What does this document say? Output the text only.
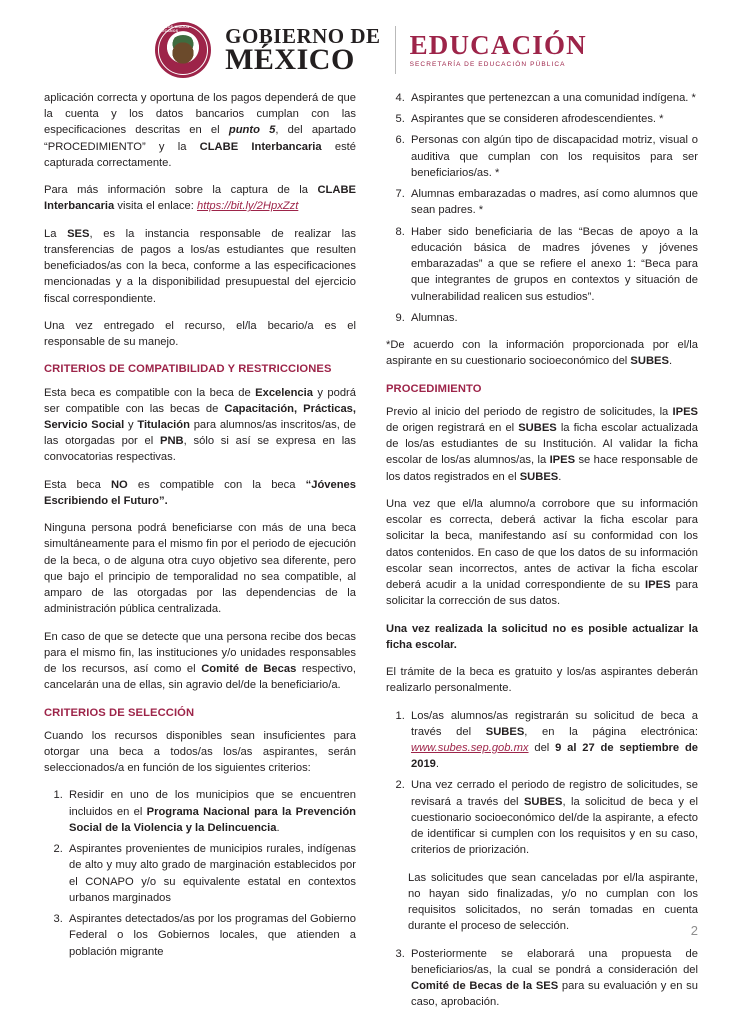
ESTADOS UNIDOS MEXICANOS	GOBIERNO DE
MÉXICO	EDUCACIÓN
SECRETARÍA DE EDUCACIÓN PÚBLICA

aplicación correcta y oportuna de los pagos dependerá de que la cuenta y los datos bancarios cumplan con las especificaciones descritas en el punto 5, del apartado “PROCEDIMIENTO” y la CLABE Interbancaria esté capturada correctamente.

Para más información sobre la captura de la CLABE Interbancaria visita el enlace: https://bit.ly/2HpxZzt

La SES, es la instancia responsable de realizar las transferencias de pagos a los/as estudiantes que resulten beneficiados/as con la beca, conforme a las especificaciones mencionadas y a la disponibilidad presupuestal del ejercicio fiscal correspondiente.

Una vez entregado el recurso, el/la becario/a es el responsable de su manejo.

CRITERIOS DE COMPATIBILIDAD Y RESTRICCIONES

Esta beca es compatible con la beca de Excelencia y podrá ser compatible con las becas de Capacitación, Prácticas, Servicio Social y Titulación para alumnos/as inscritos/as, de las otorgadas por el PNB, sólo si así se expresa en las convocatorias respectivas.

Esta beca NO es compatible con la beca “Jóvenes Escribiendo el Futuro”.

Ninguna persona podrá beneficiarse con más de una beca simultáneamente para el mismo fin por el periodo de ejecución de la beca, o de alguna otra cuyo objetivo sea diferente, pero que bajo el principio de temporalidad no sea compatible, al amparo de las otorgadas por las dependencias de la administración pública centralizada.

En caso de que se detecte que una persona recibe dos becas para el mismo fin, las instituciones y/o unidades responsables de los recursos, así como el Comité de Becas respectivo, cancelarán una de ellas, sin agravio del/de la beneficiario/a.

CRITERIOS DE SELECCIÓN

Cuando los recursos disponibles sean insuficientes para otorgar una beca a todos/as los/as aspirantes, serán seleccionados/a en función de los siguientes criterios:

1. Residir en uno de los municipios que se encuentren incluidos en el Programa Nacional para la Prevención Social de la Violencia y la Delincuencia.
2. Aspirantes provenientes de municipios rurales, indígenas de alto y muy alto grado de marginación establecidos por el CONAPO y/o su equivalente estatal en contextos urbanos marginados
3. Aspirantes detectados/as por los programas del Gobierno Federal o los Gobiernos locales, que atienden a población migrante
4. Aspirantes que pertenezcan a una comunidad indígena. *
5. Aspirantes que se consideren afrodescendientes. *
6. Personas con algún tipo de discapacidad motriz, visual o auditiva que cumplan con los requisitos para ser beneficiarios/as. *
7. Alumnas embarazadas o madres, así como alumnos que sean padres. *
8. Haber sido beneficiaria de las “Becas de apoyo a la educación básica de madres jóvenes y jóvenes embarazadas” a que se refiere el anexo 1: “Beca para que integrantes de grupos en contextos y situación de vulnerabilidad realicen sus estudios”.
9. Alumnas.

*De acuerdo con la información proporcionada por el/la aspirante en su cuestionario socioeconómico del SUBES.

PROCEDIMIENTO

Previo al inicio del periodo de registro de solicitudes, la IPES de origen registrará en el SUBES la ficha escolar actualizada de los/as estudiantes de su Institución. Al validar la ficha escolar de los/as alumnos/as, la IPES se hace responsable de los datos registrados en el SUBES.

Una vez que el/la alumno/a corrobore que su información escolar es correcta, deberá activar la ficha escolar para solicitar la beca, manifestando así su conformidad con los datos contenidos. En caso de que los datos de su información escolar sean incorrectos, antes de activar la ficha escolar deberá acudir a la unidad correspondiente de su IPES para solicitar la corrección de sus datos.

Una vez realizada la solicitud no es posible actualizar la ficha escolar.

El trámite de la beca es gratuito y los/as aspirantes deberán realizarlo personalmente.

1. Los/as alumnos/as registrarán su solicitud de beca a través del SUBES, en la página electrónica: www.subes.sep.gob.mx del 9 al 27 de septiembre de 2019.
2. Una vez cerrado el periodo de registro de solicitudes, se revisará a través del SUBES, la solicitud de beca y el cuestionario socioeconómico del/de la aspirante, a efecto de identificar si cumplen con los requisitos y en su caso, criterios de priorización.

Las solicitudes que sean canceladas por el/la aspirante, no hayan sido finalizadas, y/o no cumplan con los requisitos solicitados, no serán tomadas en cuenta durante el proceso de selección.

3. Posteriormente se elaborará una propuesta de beneficiarios/as, la cual se pondrá a consideración del Comité de Becas de la SES para su evaluación y en su caso, aprobación.
2
